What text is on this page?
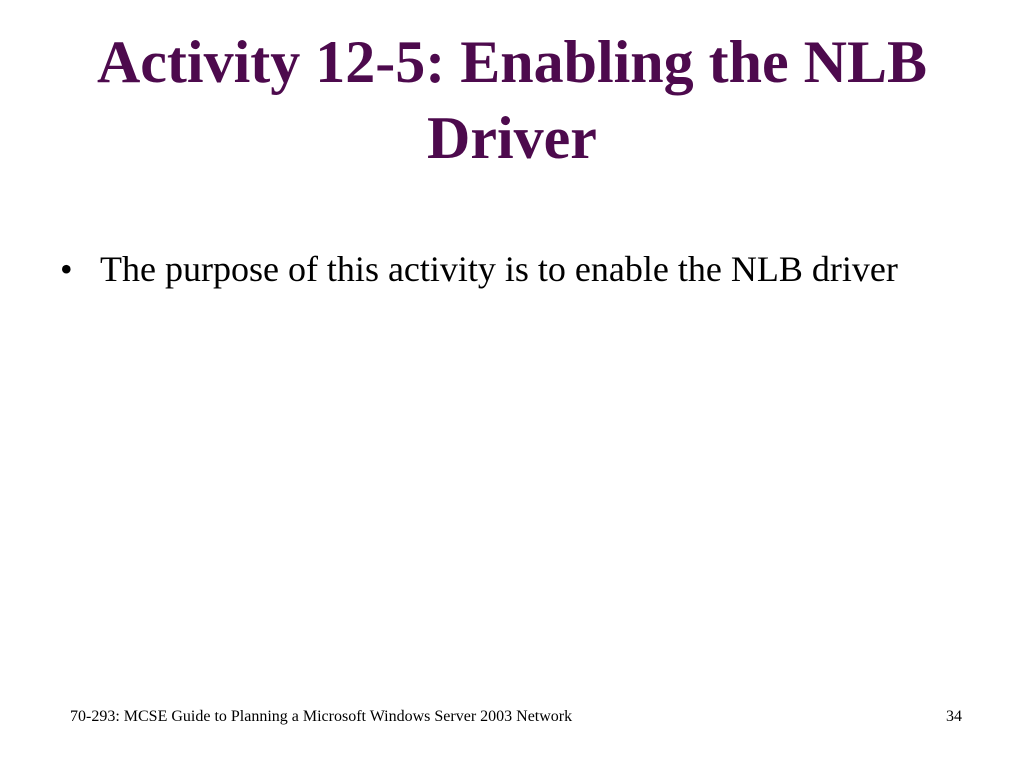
Activity 12-5: Enabling the NLB Driver
• The purpose of this activity is to enable the NLB driver
70-293: MCSE Guide to Planning a Microsoft Windows Server 2003 Network	34
